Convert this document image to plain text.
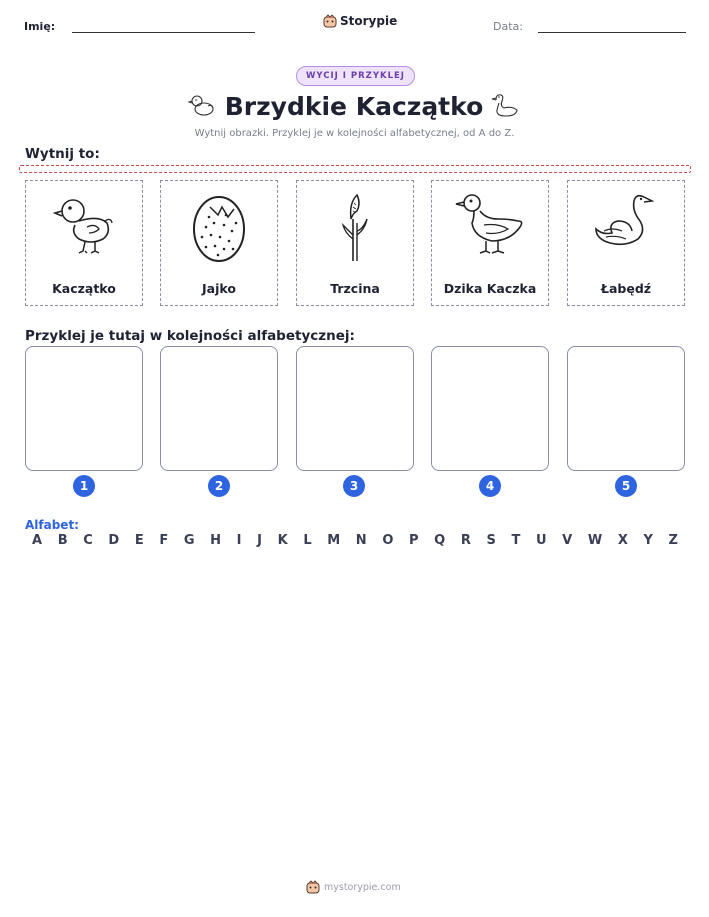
Imię:	Storypie	Data:
WYCIJ I PRZYKLEJ
Brzydkie Kaczątko
Wytnij obrazki. Przyklej je w kolejności alfabetycznej, od A do Z.
Wytnij to:
Kaczątko	Jajko	Trzcina	Dzika Kaczka	Łabędź
Przyklej je tutaj w kolejności alfabetycznej:
1	2	3	4	5
Alfabet:
A B C D E F G H I J K L M N O P Q R S T U V W X Y Z
mystorypie.com
